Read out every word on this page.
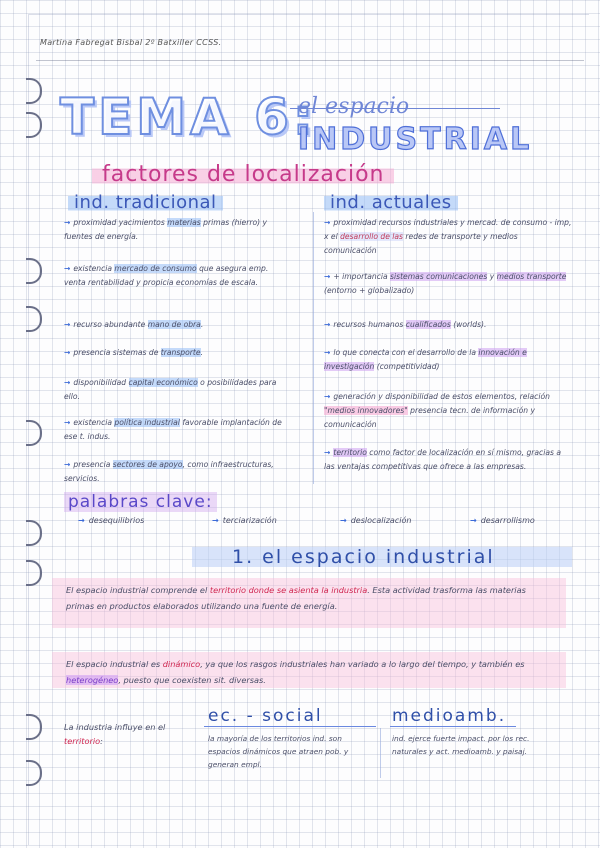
Martina Fabregat Bisbal 2º Batxiller CCSS.
TEMA 6:
el espacio
INDUSTRIAL
factores de localización
ind. tradicional	ind. actuales
→ proximidad yacimientos materias primas (hierro) y fuentes de energía.
→ existencia mercado de consumo que asegura emp. venta rentabilidad y propicia economías de escala.
→ recurso abundante mano de obra.
→ presencia sistemas de transporte.
→ disponibilidad capital económico o posibilidades para ello.
→ existencia política industrial favorable implantación de ese t. indus.
→ presencia sectores de apoyo, como infraestructuras, servicios.
→ proximidad recursos industriales y mercad. de consumo - imp, x el desarrollo de las redes de transporte y medios comunicación
→ + importancia sistemas comunicaciones y medios transporte (entorno + globalizado)
→ recursos humanos cualificados (worlds).
→ lo que conecta con el desarrollo de la innovación e investigación (competitividad)
→ generación y disponibilidad de estos elementos, relación "medios innovadores" presencia tecn. de información y comunicación
→ territorio como factor de localización en sí mismo, gracias a las ventajas competitivas que ofrece a las empresas.
palabras clave:
→ desequilibrios	→ terciarización	→ deslocalización	→ desarrollismo
1. el espacio industrial
El espacio industrial comprende el territorio donde se asienta la industria. Esta actividad trasforma las materias primas en productos elaborados utilizando una fuente de energía.
El espacio industrial es dinámico, ya que los rasgos industriales han variado a lo largo del tiempo, y también es heterogéneo, puesto que coexisten sit. diversas.
La industria influye en el territorio:
ec. - social	medioamb.
la mayoría de los territorios ind. son espacios dinámicos que atraen pob. y generan empl.
ind. ejerce fuerte impact. por los rec. naturales y act. medioamb. y paisaj.
